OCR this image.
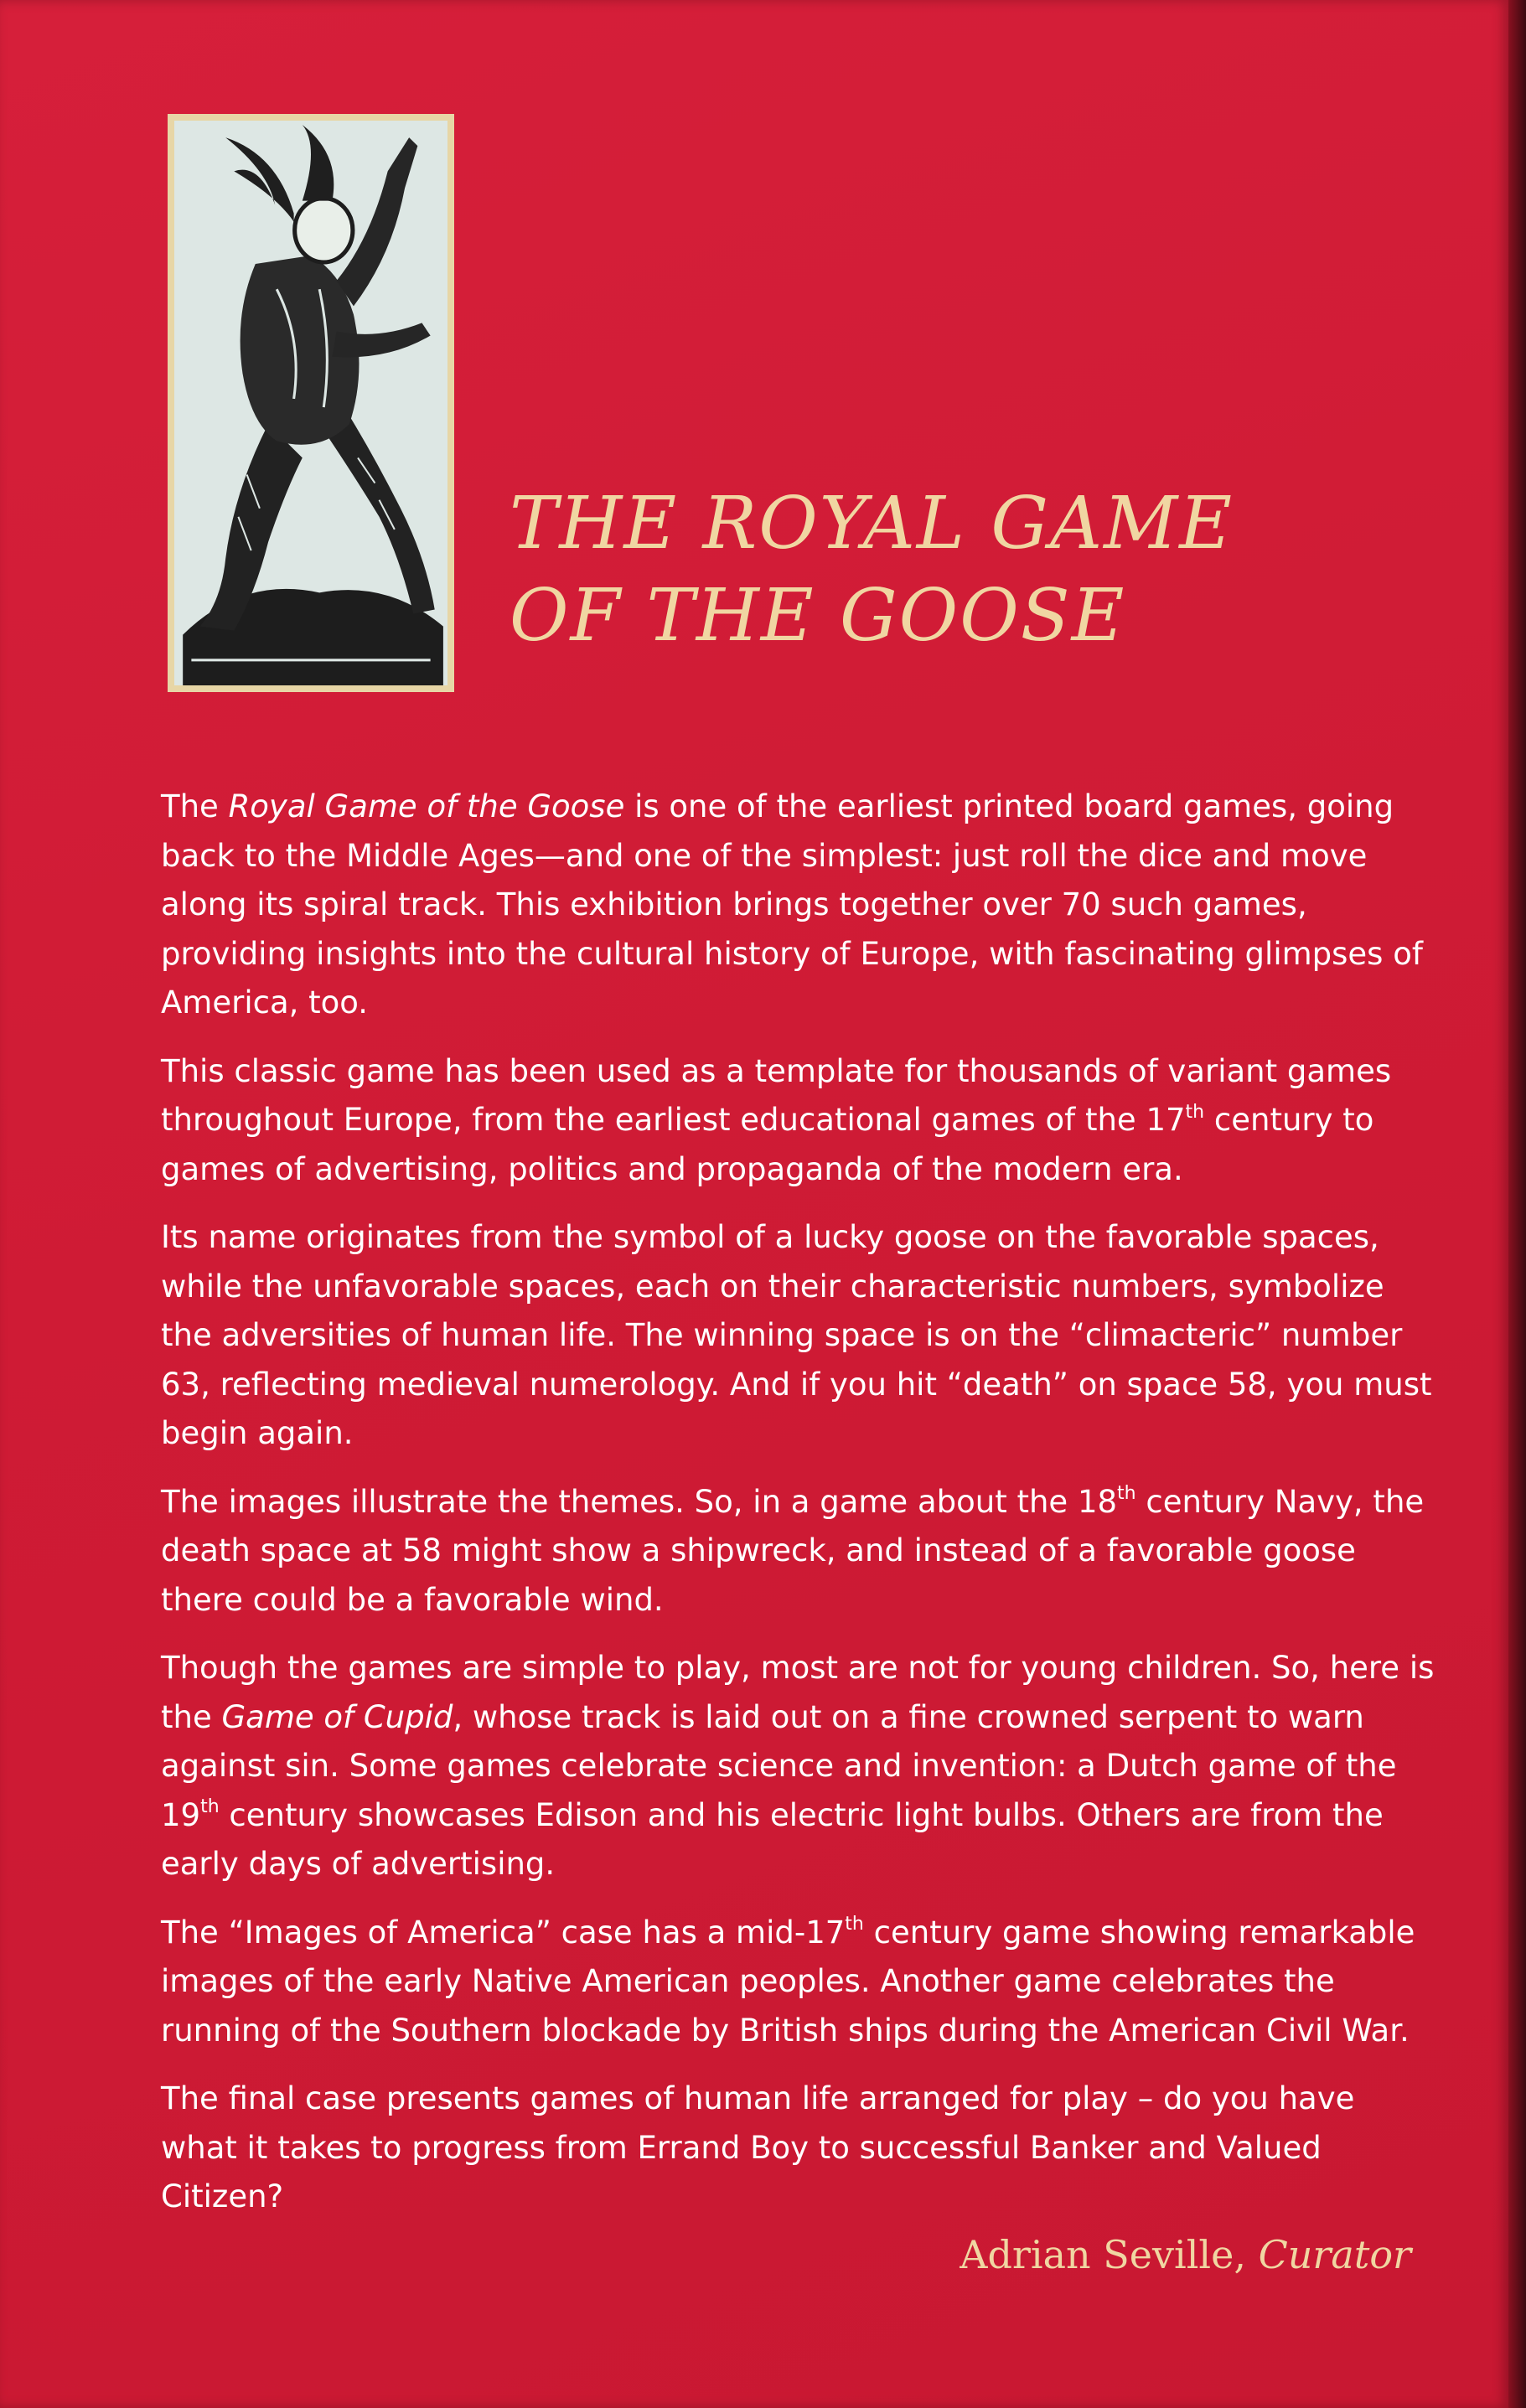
THE ROYAL GAME
OF THE GOOSE

The Royal Game of the Goose is one of the earliest printed board games, going back to the Middle Ages—and one of the simplest: just roll the dice and move along its spiral track. This exhibition brings together over 70 such games, providing insights into the cultural history of Europe, with fascinating glimpses of America, too.

This classic game has been used as a template for thousands of variant games throughout Europe, from the earliest educational games of the 17th century to games of advertising, politics and propaganda of the modern era.

Its name originates from the symbol of a lucky goose on the favorable spaces, while the unfavorable spaces, each on their characteristic numbers, symbolize the adversities of human life. The winning space is on the “climacteric” number 63, reflecting medieval numerology. And if you hit “death” on space 58, you must begin again.

The images illustrate the themes. So, in a game about the 18th century Navy, the death space at 58 might show a shipwreck, and instead of a favorable goose there could be a favorable wind.

Though the games are simple to play, most are not for young children. So, here is the Game of Cupid, whose track is laid out on a fine crowned serpent to warn against sin. Some games celebrate science and invention: a Dutch game of the 19th century showcases Edison and his electric light bulbs. Others are from the early days of advertising.

The “Images of America” case has a mid-17th century game showing remarkable images of the early Native American peoples. Another game celebrates the running of the Southern blockade by British ships during the American Civil War.

The final case presents games of human life arranged for play – do you have what it takes to progress from Errand Boy to successful Banker and Valued Citizen?

Adrian Seville, Curator
